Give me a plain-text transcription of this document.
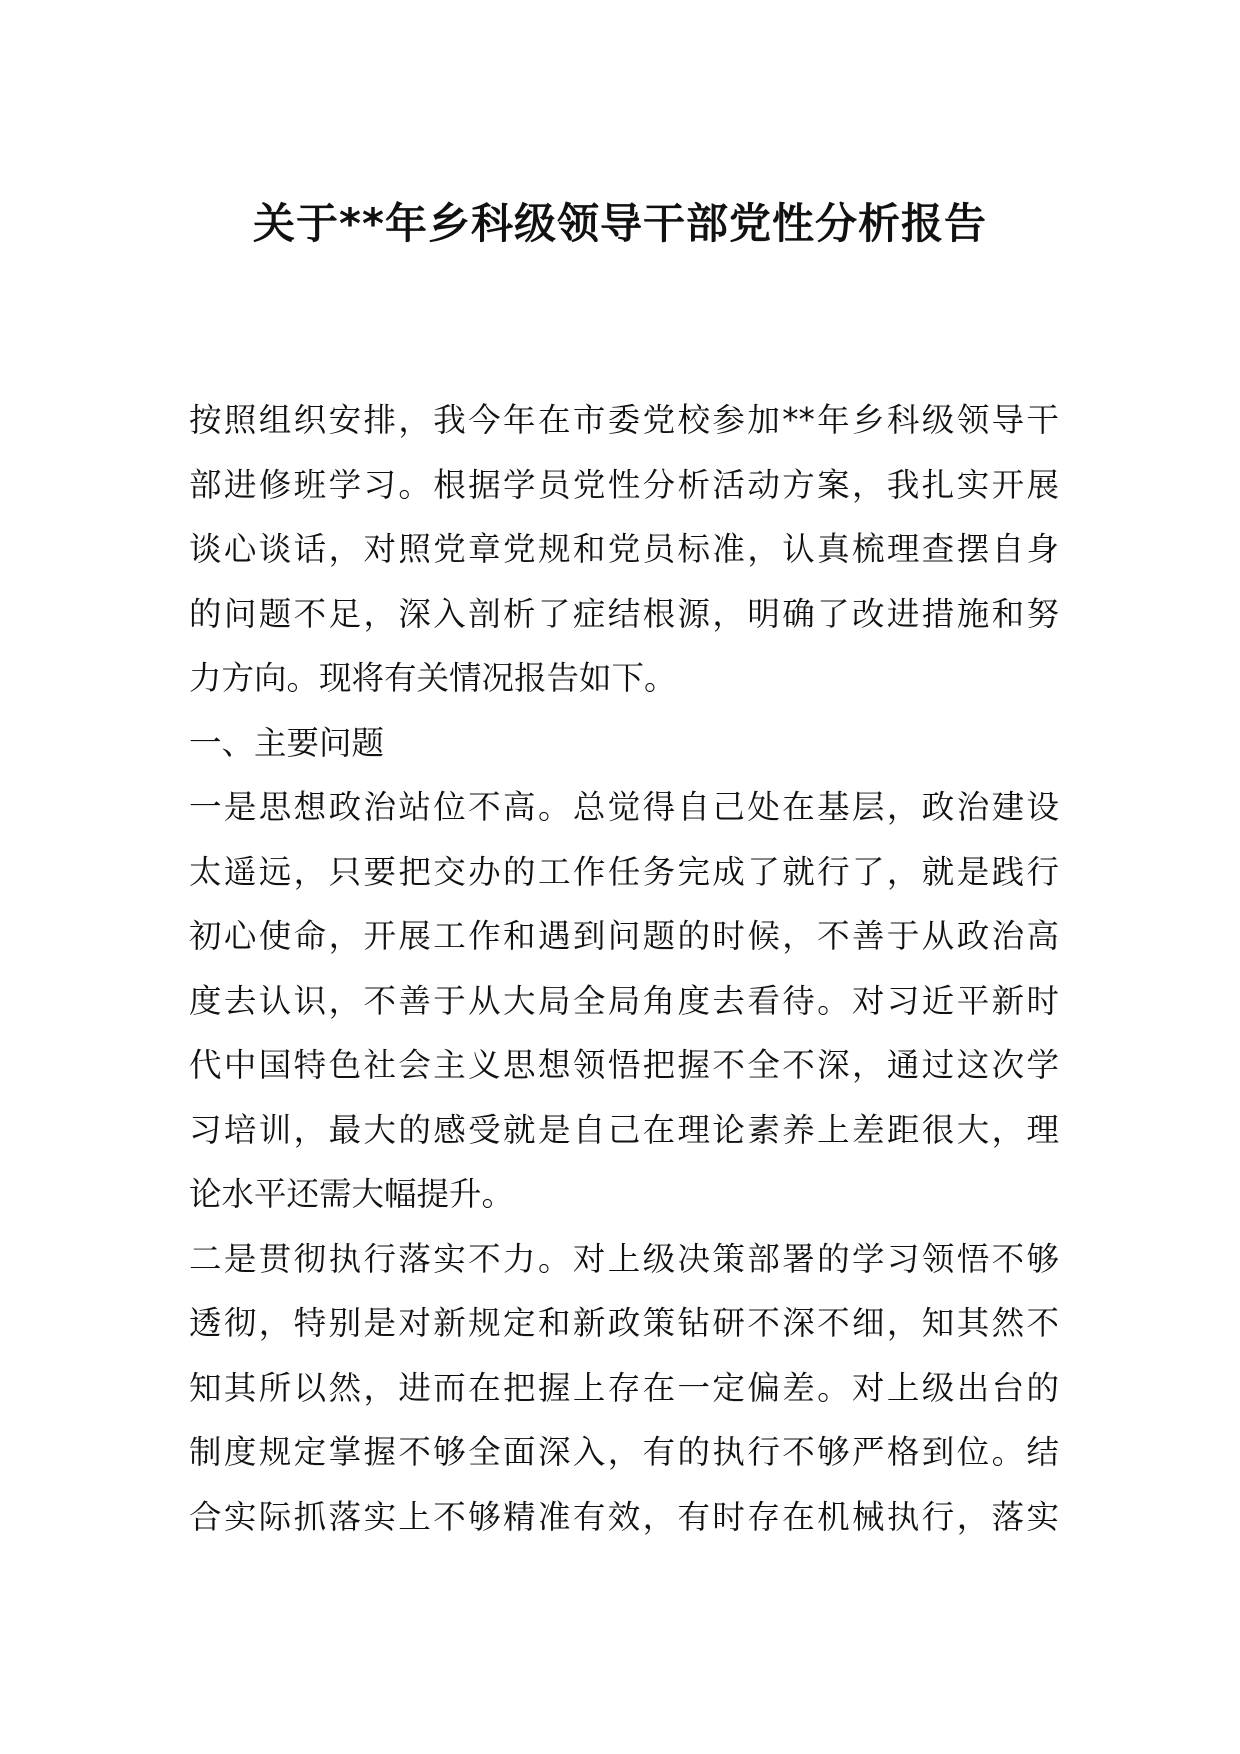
关于**年乡科级领导干部党性分析报告
按照组织安排，我今年在市委党校参加**年乡科级领导干
部进修班学习。根据学员党性分析活动方案，我扎实开展
谈心谈话，对照党章党规和党员标准，认真梳理查摆自身
的问题不足，深入剖析了症结根源，明确了改进措施和努
力方向。现将有关情况报告如下。
一、主要问题
一是思想政治站位不高。总觉得自己处在基层，政治建设
太遥远，只要把交办的工作任务完成了就行了，就是践行
初心使命，开展工作和遇到问题的时候，不善于从政治高
度去认识，不善于从大局全局角度去看待。对习近平新时
代中国特色社会主义思想领悟把握不全不深，通过这次学
习培训，最大的感受就是自己在理论素养上差距很大，理
论水平还需大幅提升。
二是贯彻执行落实不力。对上级决策部署的学习领悟不够
透彻，特别是对新规定和新政策钻研不深不细，知其然不
知其所以然，进而在把握上存在一定偏差。对上级出台的
制度规定掌握不够全面深入，有的执行不够严格到位。结
合实际抓落实上不够精准有效，有时存在机械执行，落实
